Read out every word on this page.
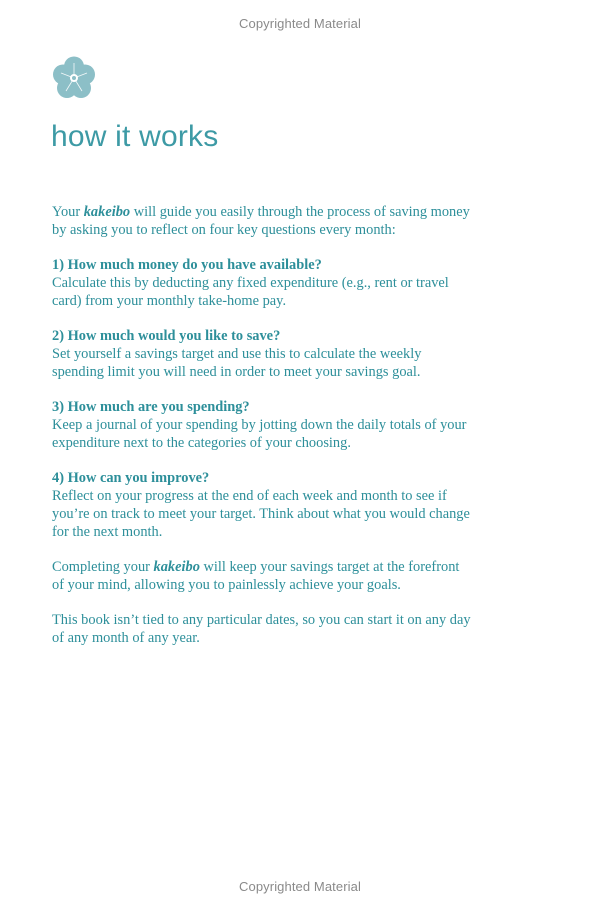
Copyrighted Material
how it works

Your kakeibo will guide you easily through the process of saving money by asking you to reflect on four key questions every month:

1) How much money do you have available?
Calculate this by deducting any fixed expenditure (e.g., rent or travel card) from your monthly take-home pay.
2) How much would you like to save?
Set yourself a savings target and use this to calculate the weekly spending limit you will need in order to meet your savings goal.
3) How much are you spending?
Keep a journal of your spending by jotting down the daily totals of your expenditure next to the categories of your choosing.
4) How can you improve?
Reflect on your progress at the end of each week and month to see if you’re on track to meet your target. Think about what you would change for the next month.

Completing your kakeibo will keep your savings target at the forefront of your mind, allowing you to painlessly achieve your goals.

This book isn’t tied to any particular dates, so you can start it on any day of any month of any year.

Copyrighted Material
